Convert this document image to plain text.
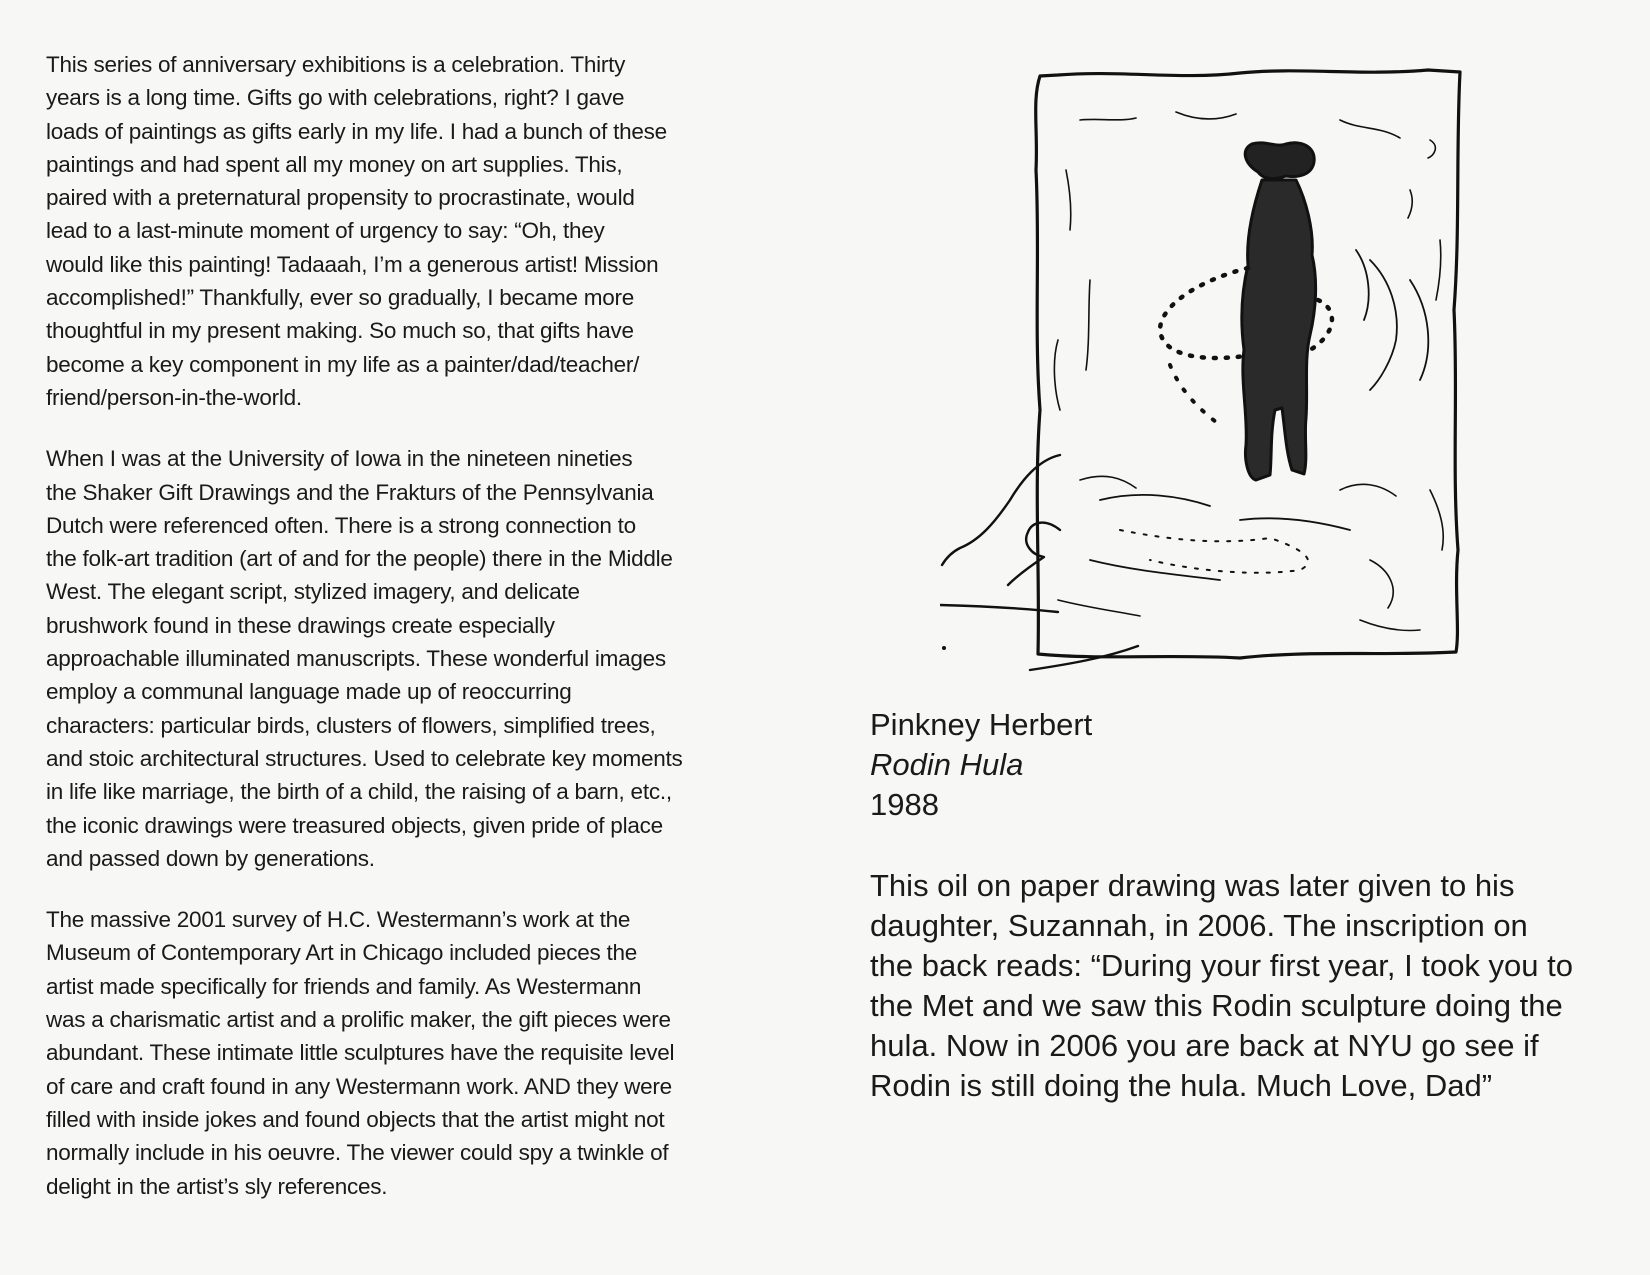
This series of anniversary exhibitions is a celebration. Thirty
years is a long time. Gifts go with celebrations, right? I gave
loads of paintings as gifts early in my life. I had a bunch of these
paintings and had spent all my money on art supplies. This,
paired with a preternatural propensity to procrastinate, would
lead to a last-minute moment of urgency to say: “Oh, they
would like this painting! Tadaaah, I’m a generous artist! Mission
accomplished!” Thankfully, ever so gradually, I became more
thoughtful in my present making. So much so, that gifts have
become a key component in my life as a painter/dad/teacher/
friend/person-in-the-world.

When I was at the University of Iowa in the nineteen nineties
the Shaker Gift Drawings and the Frakturs of the Pennsylvania
Dutch were referenced often. There is a strong connection to
the folk-art tradition (art of and for the people) there in the Middle
West. The elegant script, stylized imagery, and delicate
brushwork found in these drawings create especially
approachable illuminated manuscripts. These wonderful images
employ a communal language made up of reoccurring
characters: particular birds, clusters of flowers, simplified trees,
and stoic architectural structures. Used to celebrate key moments
in life like marriage, the birth of a child, the raising of a barn, etc.,
the iconic drawings were treasured objects, given pride of place
and passed down by generations.

The massive 2001 survey of H.C. Westermann’s work at the
Museum of Contemporary Art in Chicago included pieces the
artist made specifically for friends and family. As Westermann
was a charismatic artist and a prolific maker, the gift pieces were
abundant. These intimate little sculptures have the requisite level
of care and craft found in any Westermann work. AND they were
filled with inside jokes and found objects that the artist might not
normally include in his oeuvre. The viewer could spy a twinkle of
delight in the artist’s sly references.

Pinkney Herbert
Rodin Hula
1988
This oil on paper drawing was later given to his
daughter, Suzannah, in 2006. The inscription on
the back reads: “During your first year, I took you to
the Met and we saw this Rodin sculpture doing the
hula. Now in 2006 you are back at NYU go see if
Rodin is still doing the hula. Much Love, Dad”
